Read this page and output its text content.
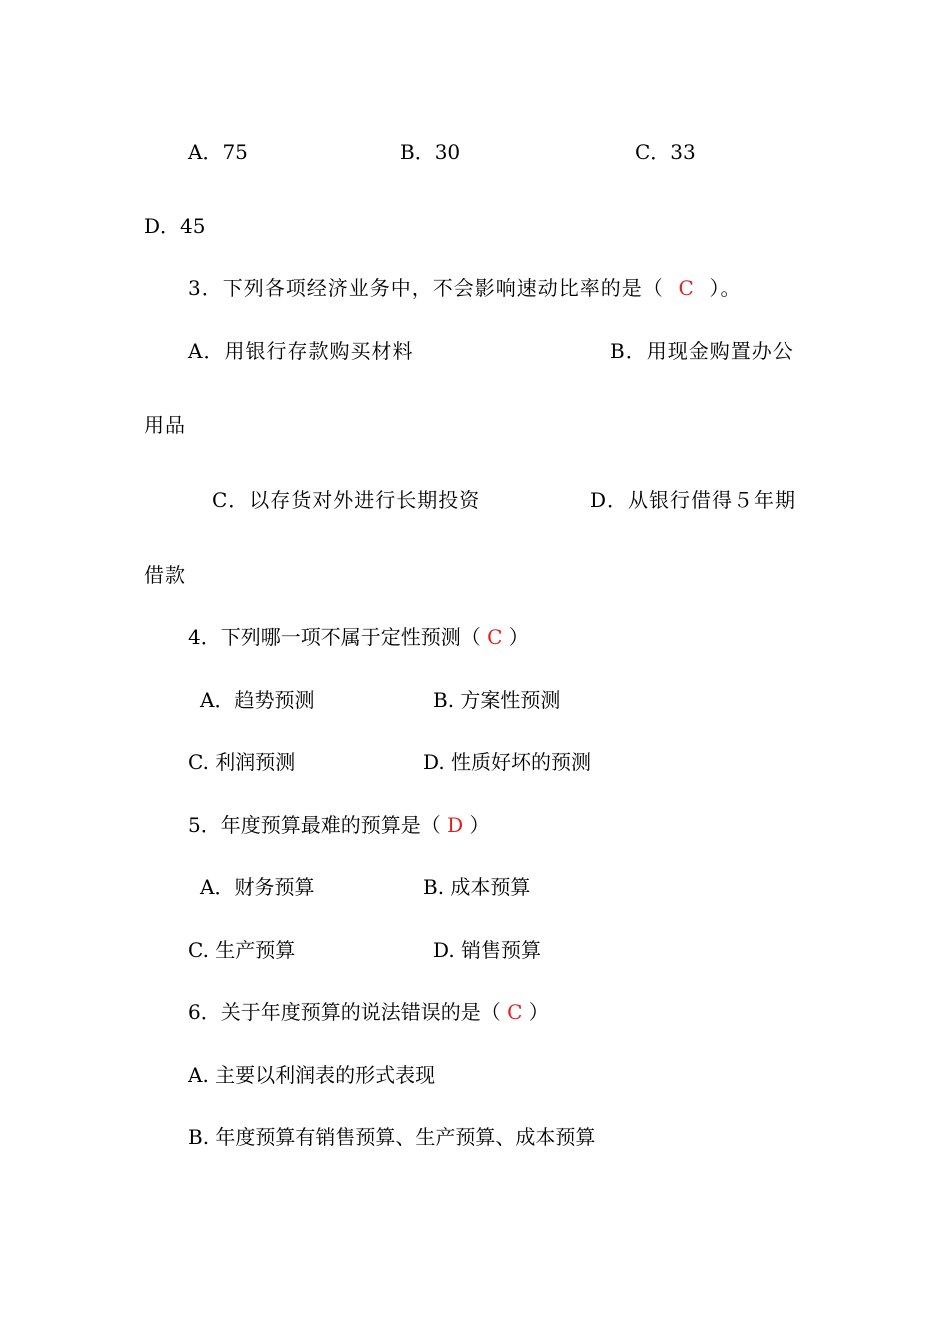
A．75	B．30	C．33
D．45
3．下列各项经济业务中，不会影响速动比率的是（ C ）。
A．用银行存款购买材料	B．用现金购置办公
用品
C．以存货对外进行长期投资	D．从银行借得５年期
借款
4．下列哪一项不属于定性预测（ C ）
A．趋势预测	B. 方案性预测
C. 利润预测	D. 性质好坏的预测
5．年度预算最难的预算是（ D ）
A．财务预算	B. 成本预算
C. 生产预算	D. 销售预算
6．关于年度预算的说法错误的是（ C ）
A. 主要以利润表的形式表现
B. 年度预算有销售预算、生产预算、成本预算
